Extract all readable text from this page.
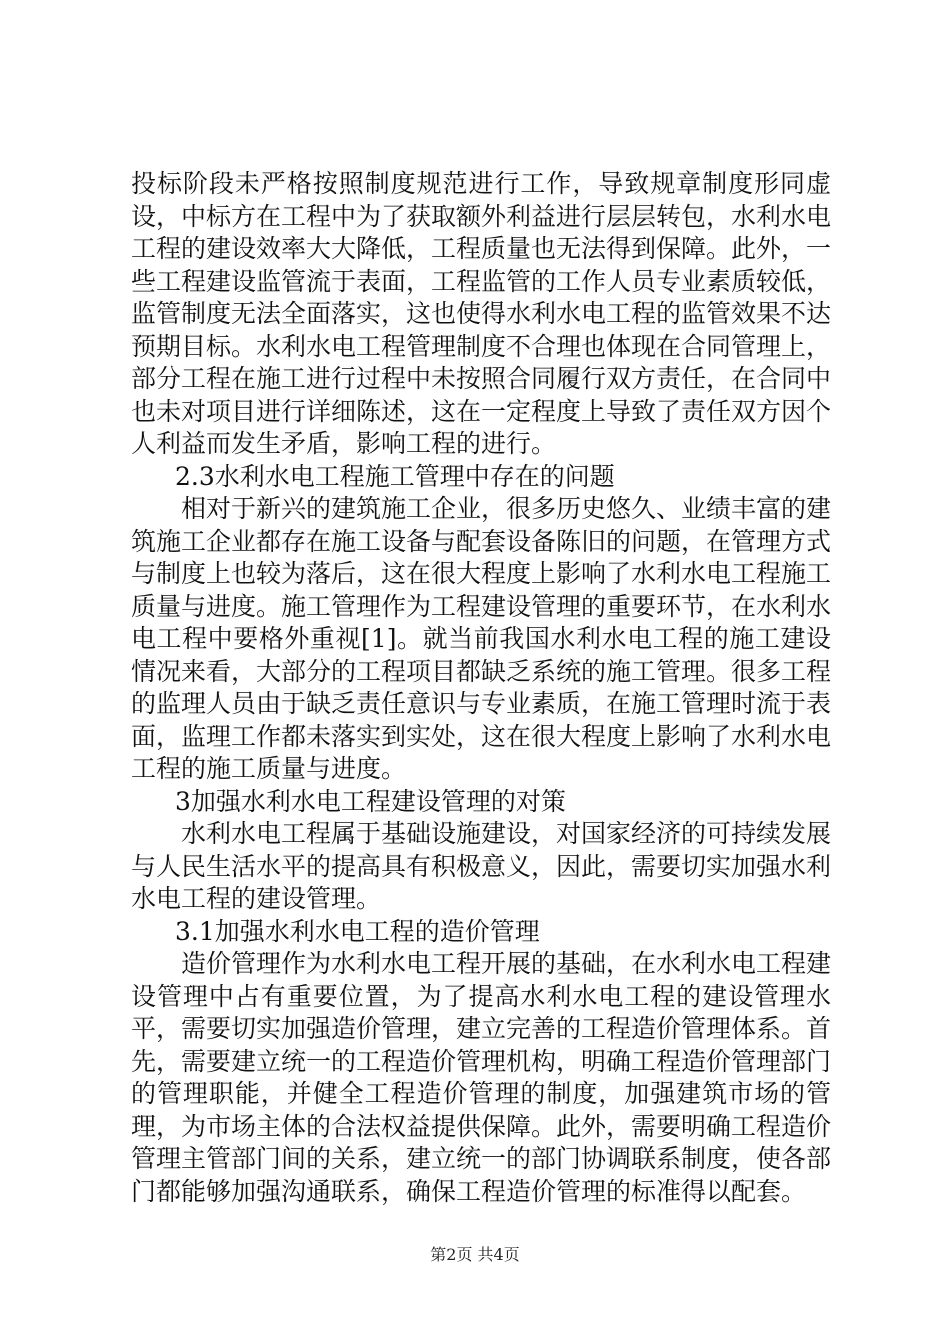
投标阶段未严格按照制度规范进行工作，导致规章制度形同虚设，中标方在工程中为了获取额外利益进行层层转包，水利水电工程的建设效率大大降低，工程质量也无法得到保障。此外，一些工程建设监管流于表面，工程监管的工作人员专业素质较低，监管制度无法全面落实，这也使得水利水电工程的监管效果不达预期目标。水利水电工程管理制度不合理也体现在合同管理上，部分工程在施工进行过程中未按照合同履行双方责任，在合同中也未对项目进行详细陈述，这在一定程度上导致了责任双方因个人利益而发生矛盾，影响工程的进行。

2.3水利水电工程施工管理中存在的问题

相对于新兴的建筑施工企业，很多历史悠久、业绩丰富的建筑施工企业都存在施工设备与配套设备陈旧的问题，在管理方式与制度上也较为落后，这在很大程度上影响了水利水电工程施工质量与进度。施工管理作为工程建设管理的重要环节，在水利水电工程中要格外重视[1]。就当前我国水利水电工程的施工建设情况来看，大部分的工程项目都缺乏系统的施工管理。很多工程的监理人员由于缺乏责任意识与专业素质，在施工管理时流于表面，监理工作都未落实到实处，这在很大程度上影响了水利水电工程的施工质量与进度。

3加强水利水电工程建设管理的对策

水利水电工程属于基础设施建设，对国家经济的可持续发展与人民生活水平的提高具有积极意义，因此，需要切实加强水利水电工程的建设管理。

3.1加强水利水电工程的造价管理

造价管理作为水利水电工程开展的基础，在水利水电工程建设管理中占有重要位置，为了提高水利水电工程的建设管理水平，需要切实加强造价管理，建立完善的工程造价管理体系。首先，需要建立统一的工程造价管理机构，明确工程造价管理部门的管理职能，并健全工程造价管理的制度，加强建筑市场的管理，为市场主体的合法权益提供保障。此外，需要明确工程造价管理主管部门间的关系，建立统一的部门协调联系制度，使各部门都能够加强沟通联系，确保工程造价管理的标准得以配套。

第2页 共4页
